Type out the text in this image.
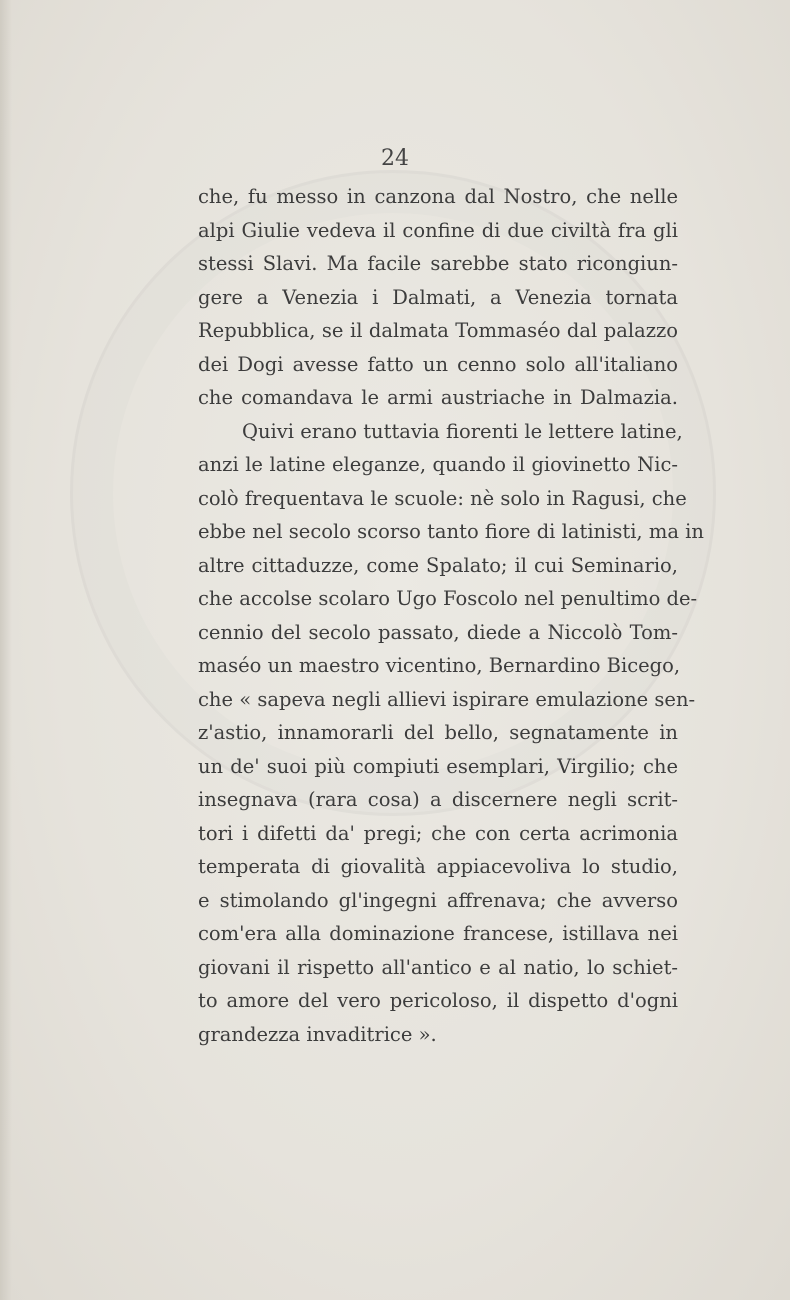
24
che, fu messo in canzona dal Nostro, che nelle
alpi Giulie vedeva il confine di due civiltà fra gli
stessi Slavi. Ma facile sarebbe stato ricongiun-
gere a Venezia i Dalmati, a Venezia tornata
Repubblica, se il dalmata Tommaséo dal palazzo
dei Dogi avesse fatto un cenno solo all'italiano
che comandava le armi austriache in Dalmazia.
Quivi erano tuttavia fiorenti le lettere latine,
anzi le latine eleganze, quando il giovinetto Nic-
colò frequentava le scuole: nè solo in Ragusi, che
ebbe nel secolo scorso tanto fiore di latinisti, ma in
altre cittaduzze, come Spalato; il cui Seminario,
che accolse scolaro Ugo Foscolo nel penultimo de-
cennio del secolo passato, diede a Niccolò Tom-
maséo un maestro vicentino, Bernardino Bicego,
che « sapeva negli allievi ispirare emulazione sen-
z'astio, innamorarli del bello, segnatamente in
un de' suoi più compiuti esemplari, Virgilio; che
insegnava (rara cosa) a discernere negli scrit-
tori i difetti da' pregi; che con certa acrimonia
temperata di giovalità appiacevoliva lo studio,
e stimolando gl'ingegni affrenava; che avverso
com'era alla dominazione francese, istillava nei
giovani il rispetto all'antico e al natio, lo schiet-
to amore del vero pericoloso, il dispetto d'ogni
grandezza invaditrice ».
